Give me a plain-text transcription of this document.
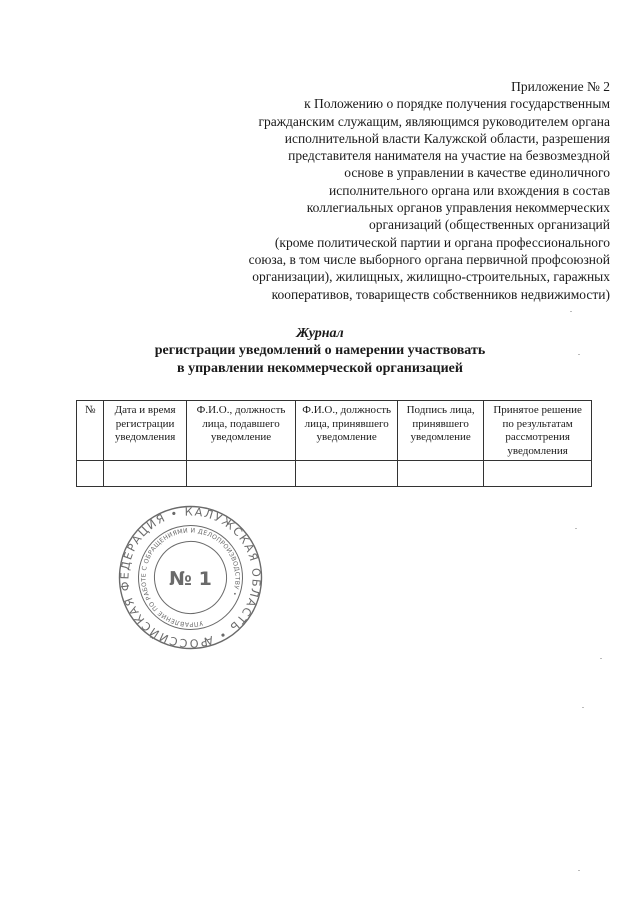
Приложение № 2
к Положению о порядке получения государственным
гражданским служащим, являющимся руководителем органа
исполнительной власти Калужской области, разрешения
представителя нанимателя на участие на безвозмездной
основе в управлении в качестве единоличного
исполнительного органа или вхождения в состав
коллегиальных органов управления некоммерческих
организаций (общественных организаций
(кроме политической партии и органа профессионального
союза, в том числе выборного органа первичной профсоюзной
организации), жилищных, жилищно-строительных, гаражных
кооперативов, товариществ собственников недвижимости)
Журнал
регистрации уведомлений о намерении участвовать
в управлении некоммерческой организацией
№	Дата и время регистрации уведомления	Ф.И.О., должность лица, подавшего уведомление	Ф.И.О., должность лица, принявшего уведомление	Подпись лица, принявшего уведомление	Принятое решение по результатам рассмотрения уведомления

РОССИЙСКАЯ ФЕДЕРАЦИЯ • КАЛУЖСКАЯ ОБЛАСТЬ • АДМИНИСТРАЦИЯ
УПРАВЛЕНИЕ ПО РАБОТЕ С ОБРАЩЕНИЯМИ И ДЕЛОПРОИЗВОДСТВУ •
№ 1
